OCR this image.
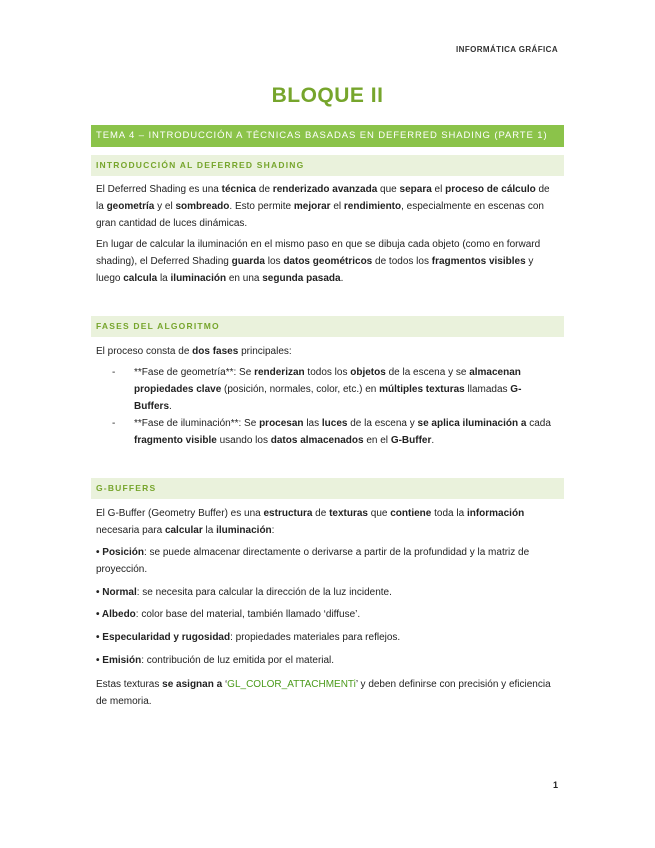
INFORMÁTICA GRÁFICA
BLOQUE II
TEMA 4 – INTRODUCCIÓN A TÉCNICAS BASADAS EN DEFERRED SHADING (PARTE 1)
INTRODUCCIÓN AL DEFERRED SHADING
El Deferred Shading es una técnica de renderizado avanzada que separa el proceso de cálculo de la geometría y el sombreado. Esto permite mejorar el rendimiento, especialmente en escenas con gran cantidad de luces dinámicas.
En lugar de calcular la iluminación en el mismo paso en que se dibuja cada objeto (como en forward shading), el Deferred Shading guarda los datos geométricos de todos los fragmentos visibles y luego calcula la iluminación en una segunda pasada.
FASES DEL ALGORITMO
El proceso consta de dos fases principales:
-	**Fase de geometría**: Se renderizan todos los objetos de la escena y se almacenan propiedades clave (posición, normales, color, etc.) en múltiples texturas llamadas G-Buffers.
-	**Fase de iluminación**: Se procesan las luces de la escena y se aplica iluminación a cada fragmento visible usando los datos almacenados en el G-Buffer.
G-BUFFERS
El G-Buffer (Geometry Buffer) es una estructura de texturas que contiene toda la información necesaria para calcular la iluminación:
• Posición: se puede almacenar directamente o derivarse a partir de la profundidad y la matriz de proyección.
• Normal: se necesita para calcular la dirección de la luz incidente.
• Albedo: color base del material, también llamado ‘diffuse’.
• Especularidad y rugosidad: propiedades materiales para reflejos.
• Emisión: contribución de luz emitida por el material.
Estas texturas se asignan a ‘GL_COLOR_ATTACHMENTi’ y deben definirse con precisión y eficiencia de memoria.
1
